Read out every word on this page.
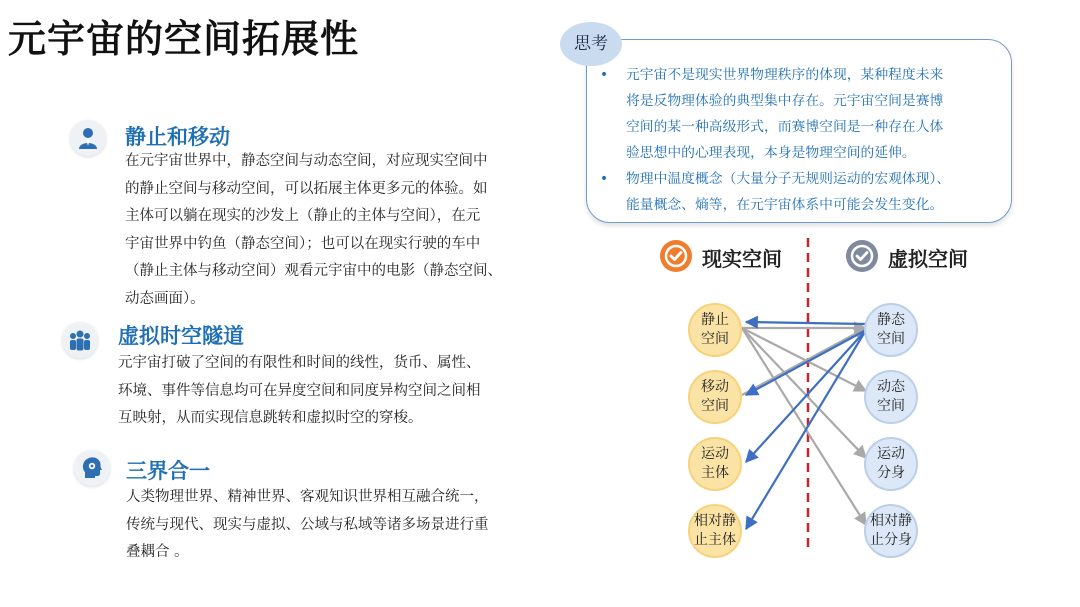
元宇宙的空间拓展性
静止和移动
在元宇宙世界中，静态空间与动态空间，对应现实空间中
的静止空间与移动空间，可以拓展主体更多元的体验。如
主体可以躺在现实的沙发上（静止的主体与空间），在元
宇宙世界中钓鱼（静态空间）；也可以在现实行驶的车中
（静止主体与移动空间）观看元宇宙中的电影（静态空间、
动态画面）。
虚拟时空隧道
元宇宙打破了空间的有限性和时间的线性，货币、属性、
环境、事件等信息均可在异度空间和同度异构空间之间相
互映射，从而实现信息跳转和虚拟时空的穿梭。
三界合一
人类物理世界、精神世界、客观知识世界相互融合统一，
传统与现代、现实与虚拟、公域与私域等诸多场景进行重
叠耦合 。
思考
• 元宇宙不是现实世界物理秩序的体现，某种程度未来
将是反物理体验的典型集中存在。元宇宙空间是赛博
空间的某一种高级形式，而赛博空间是一种存在人体
验思想中的心理表现，本身是物理空间的延伸。
• 物理中温度概念（大量分子无规则运动的宏观体现）、
能量概念、熵等，在元宇宙体系中可能会发生变化。
现实空间	虚拟空间
静止
空间
移动
空间
运动
主体
相对静
止主体
静态
空间
动态
空间
运动
分身
相对静
止分身
